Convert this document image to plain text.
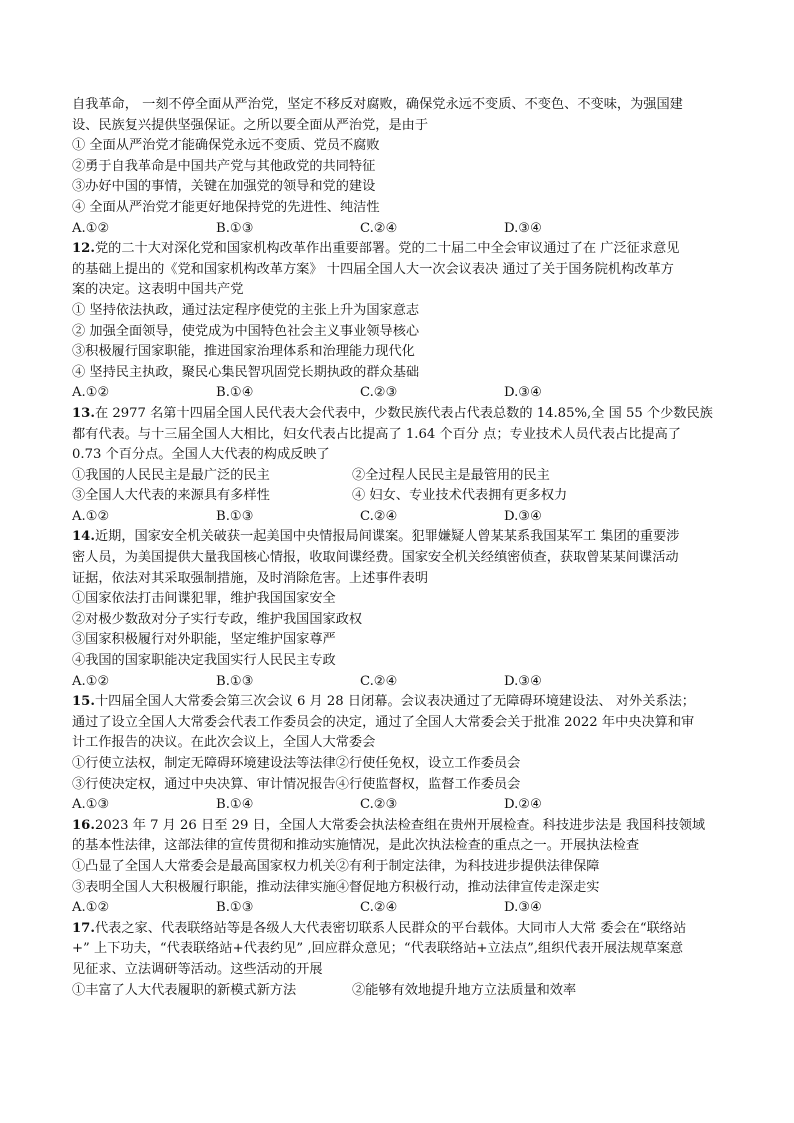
自我革命， 一刻不停全面从严治党，坚定不移反对腐败，确保党永远不变质、不变色、不变味，为强国建
设、民族复兴提供坚强保证。之所以要全面从严治党，是由于
① 全面从严治党才能确保党永远不变质、党员不腐败
②勇于自我革命是中国共产党与其他政党的共同特征
③办好中国的事情，关键在加强党的领导和党的建设
④ 全面从严治党才能更好地保持党的先进性、纯洁性
A.①②	B.①③	C.②④	D.③④
12.党的二十大对深化党和国家机构改革作出重要部署。党的二十届二中全会审议通过了在 广泛征求意见
的基础上提出的《党和国家机构改革方案》 十四届全国人大一次会议表决 通过了关于国务院机构改革方
案的决定。这表明中国共产党
① 坚持依法执政，通过法定程序使党的主张上升为国家意志
② 加强全面领导，使党成为中国特色社会主义事业领导核心
③积极履行国家职能，推进国家治理体系和治理能力现代化
④ 坚持民主执政，聚民心集民智巩固党长期执政的群众基础
A.①②	B.①④	C.②③	D.③④
13.在 2977 名第十四届全国人民代表大会代表中，少数民族代表占代表总数的 14.85%,全 国 55 个少数民族
都有代表。与十三届全国人大相比，妇女代表占比提高了 1.64 个百分 点；专业技术人员代表占比提高了
0.73 个百分点。全国人大代表的构成反映了
①我国的人民民主是最广泛的民主	②全过程人民民主是最管用的民主
③全国人大代表的来源具有多样性	④ 妇女、专业技术代表拥有更多权力
A.①②	B.①③	C.②④	D.③④
14.近期，国家安全机关破获一起美国中央情报局间谍案。犯罪嫌疑人曾某某系我国某军工 集团的重要涉
密人员，为美国提供大量我国核心情报，收取间谍经费。国家安全机关经缜密侦查，获取曾某某间谍活动
证据，依法对其采取强制措施，及时消除危害。上述事件表明
①国家依法打击间谍犯罪，维护我国国家安全
②对极少数敌对分子实行专政，维护我国国家政权
③国家积极履行对外职能，坚定维护国家尊严
④我国的国家职能决定我国实行人民民主专政
A.①②	B.①③	C.②④	D.③④
15.十四届全国人大常委会第三次会议 6 月 28 日闭幕。会议表决通过了无障碍环境建设法、 对外关系法；
通过了设立全国人大常委会代表工作委员会的决定，通过了全国人大常委会关于批准 2022 年中央决算和审
计工作报告的决议。在此次会议上，全国人大常委会
①行使立法权，制定无障碍环境建设法等法律②行使任免权，设立工作委员会
③行使决定权，通过中央决算、审计情况报告④行使监督权，监督工作委员会
A.①③	B.①④	C.②③	D.②④
16.2023 年 7 月 26 日至 29 日，全国人大常委会执法检查组在贵州开展检查。科技进步法是 我国科技领域
的基本性法律，这部法律的宣传贯彻和推动实施情况，是此次执法检查的重点之一。开展执法检查
①凸显了全国人大常委会是最高国家权力机关②有利于制定法律，为科技进步提供法律保障
③表明全国人大积极履行职能，推动法律实施④督促地方积极行动，推动法律宣传走深走实
A.①②	B.①③	C.②④	D.③④
17.代表之家、代表联络站等是各级人大代表密切联系人民群众的平台载体。大同市人大常 委会在“联络站
+” 上下功夫，“代表联络站+代表约见” ,回应群众意见；“代表联络站+立法点”,组织代表开展法规草案意
见征求、立法调研等活动。这些活动的开展
①丰富了人大代表履职的新模式新方法	②能够有效地提升地方立法质量和效率
